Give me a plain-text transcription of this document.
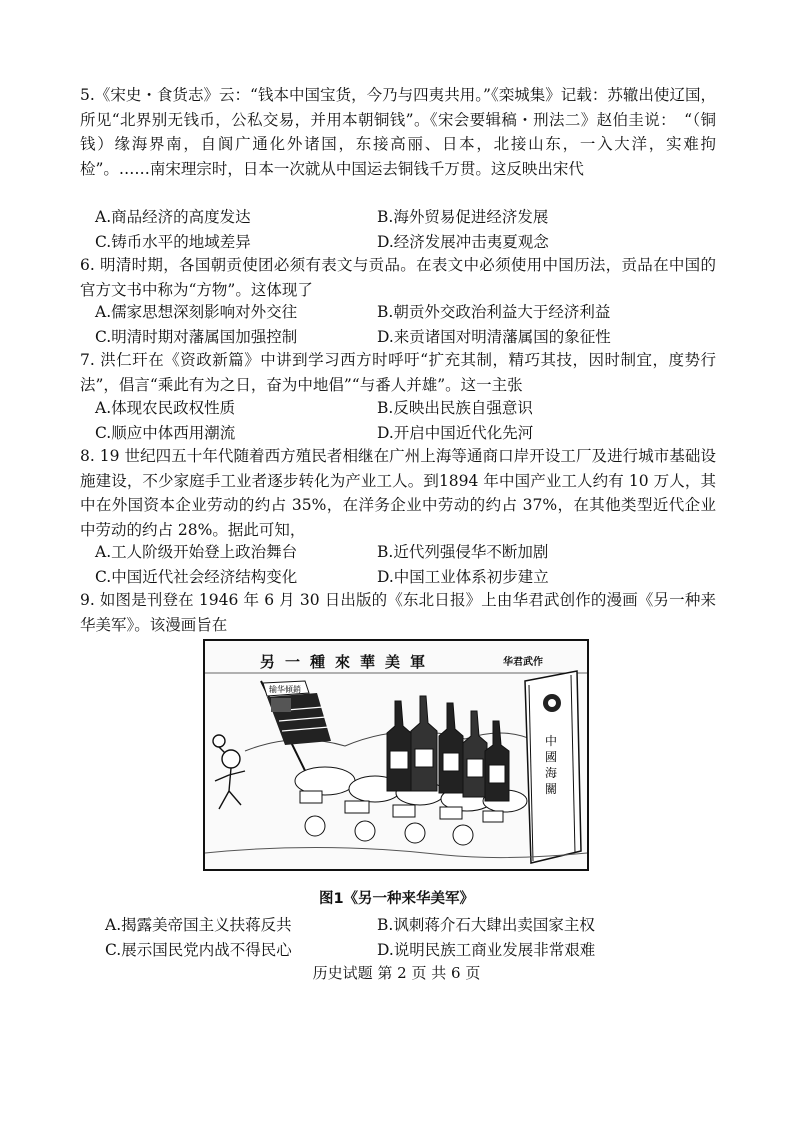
5.《宋史・食货志》云：“钱本中国宝货，今乃与四夷共用。”《栾城集》记载：苏辙出使辽国，所见“北界别无钱币，公私交易，并用本朝铜钱”。《宋会要辑稿・刑法二》赵伯圭说：　“（铜钱）缘海界南，自阆广通化外诸国，东接高丽、日本，北接山东，一入大洋，实难拘检”。……南宋理宗时，日本一次就从中国运去铜钱千万贯。这反映出宋代
A.商品经济的高度发达	B.海外贸易促进经济发展
C.铸币水平的地域差异	D.经济发展冲击夷夏观念
6. 明清时期，各国朝贡使团必须有表文与贡品。在表文中必须使用中国历法，贡品在中国的官方文书中称为“方物”。这体现了
A.儒家思想深刻影响对外交往	B.朝贡外交政治利益大于经济利益
C.明清时期对藩属国加强控制	D.来贡诸国对明清藩属国的象征性
7. 洪仁玕在《资政新篇》中讲到学习西方时呼吁“扩充其制，精巧其技，因时制宜，度势行法”，倡言“乘此有为之日，奋为中地倡”“与番人并雄”。这一主张
A.体现农民政权性质	B.反映出民族自强意识
C.顺应中体西用潮流	D.开启中国近代化先河
8. 19 世纪四五十年代随着西方殖民者相继在广州上海等通商口岸开设工厂及进行城市基础设施建设，不少家庭手工业者逐步转化为产业工人。到1894 年中国产业工人约有 10 万人，其中在外国资本企业劳动的约占 35%，在洋务企业中劳动的约占 37%，在其他类型近代企业中劳动的约占 28%。据此可知，
A.工人阶级开始登上政治舞台	B.近代列强侵华不断加剧
C.中国近代社会经济结构变化	D.中国工业体系初步建立
9. 如图是刊登在 1946 年 6 月 30 日出版的《东北日报》上由华君武创作的漫画《另一种来华美军》。该漫画旨在
另一種來華美軍	华君武作
输华傾銷
中
國
海
關
图1《另一种来华美军》
A.揭露美帝国主义扶蒋反共	B.讽刺蒋介石大肆出卖国家主权
C.展示国民党内战不得民心	D.说明民族工商业发展非常艰难
历史试题 第 2 页 共 6 页
